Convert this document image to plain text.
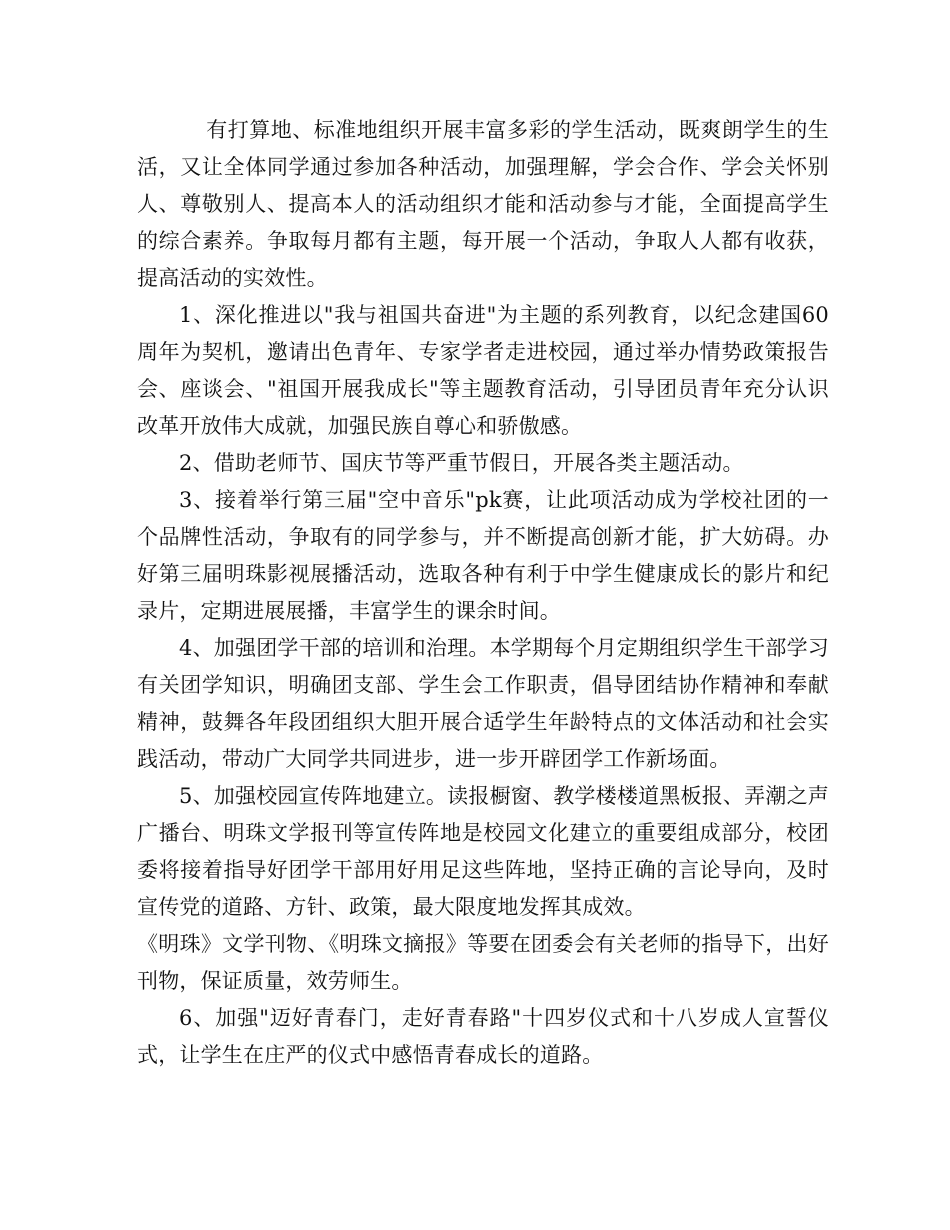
有打算地、标准地组织开展丰富多彩的学生活动，既爽朗学生的生活，又让全体同学通过参加各种活动，加强理解，学会合作、学会关怀别人、尊敬别人、提高本人的活动组织才能和活动参与才能，全面提高学生的综合素养。争取每月都有主题，每开展一个活动，争取人人都有收获，提高活动的实效性。

1、深化推进以"我与祖国共奋进"为主题的系列教育，以纪念建国60周年为契机，邀请出色青年、专家学者走进校园，通过举办情势政策报告会、座谈会、"祖国开展我成长"等主题教育活动，引导团员青年充分认识改革开放伟大成就，加强民族自尊心和骄傲感。

2、借助老师节、国庆节等严重节假日，开展各类主题活动。

3、接着举行第三届"空中音乐"pk赛，让此项活动成为学校社团的一个品牌性活动，争取有的同学参与，并不断提高创新才能，扩大妨碍。办好第三届明珠影视展播活动，选取各种有利于中学生健康成长的影片和纪录片，定期进展展播，丰富学生的课余时间。

4、加强团学干部的培训和治理。本学期每个月定期组织学生干部学习有关团学知识，明确团支部、学生会工作职责，倡导团结协作精神和奉献精神，鼓舞各年段团组织大胆开展合适学生年龄特点的文体活动和社会实践活动，带动广大同学共同进步，进一步开辟团学工作新场面。

5、加强校园宣传阵地建立。读报橱窗、教学楼楼道黑板报、弄潮之声广播台、明珠文学报刊等宣传阵地是校园文化建立的重要组成部分，校团委将接着指导好团学干部用好用足这些阵地，坚持正确的言论导向，及时宣传党的道路、方针、政策，最大限度地发挥其成效。

《明珠》文学刊物、《明珠文摘报》等要在团委会有关老师的指导下，出好刊物，保证质量，效劳师生。

6、加强"迈好青春门，走好青春路"十四岁仪式和十八岁成人宣誓仪式，让学生在庄严的仪式中感悟青春成长的道路。
